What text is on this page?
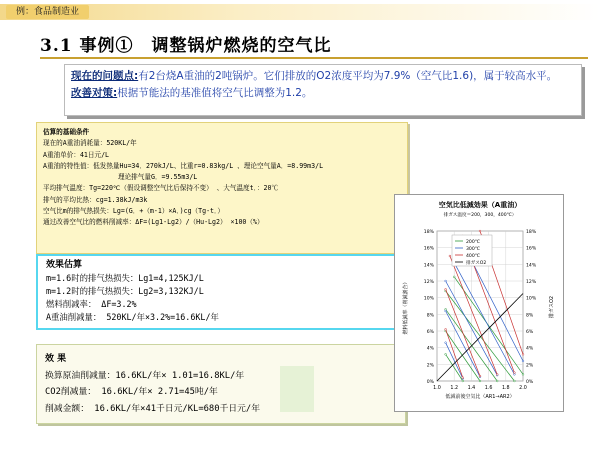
例：食品制造业
3.1 事例①　调整锅炉燃烧的空气比
现在的问题点:有2台烧A重油的2吨锅炉。它们排放的O2浓度平均为7.9%（空气比1.6)，属于较高水平。
改善对策:根据节能法的基准值将空气比调整为1.2。
估算的基础条件
现在的A重油消耗量：520KL/年
A重油单价：41日元/L
A重油的特性值：低发热量Hu=34．270kJ/L、比重r=0.83kg/L 、理论空气量A．=8.99m3/L
理论排气量G．=9.55m3/L
平均排气温度：Tg=220℃（假设调整空气比后保持不变） 、大气温度t．：20℃
排气的平均比热：cg=1.38kJ/m3k
空气比m的排气热损失：Lg=(G．+（m-1）×A．)cg（Tg-t．）
通过改善空气比的燃料削减率：ΔF=(Lg1-Lg2）/（Hu-Lg2） ×100（%）
效果估算
m=1.6时的排气热损失：Lg1=4,125KJ/L
m=1.2时的排气热损失：Lg2=3,132KJ/L
燃料削减率： ΔF=3.2%
A重油削减量： 520KL/年×3.2%=16.6KL/年
效 果
换算原油削减量：16.6KL/年× 1.01=16.8KL/年
CO2削减量： 16.6KL/年× 2.71=45吨/年
削减金额： 16.6KL/年×41千日元/KL=680千日元/年
空気比低減効果（A重油）
排ガス温度＝200，300，400℃）
0%	0%
2%	2%
4%	4%
6%	6%
8%	8%
10%	10%
12%	12%
14%	14%
16%	16%
18%	18%
1.0 1.2 1.4 1.6 1.8 2.0
低減前後空気比（AR1→AR2）
燃料低減率（削減割合）	排ガスO2
200℃
300℃
400℃
排ガスO2
